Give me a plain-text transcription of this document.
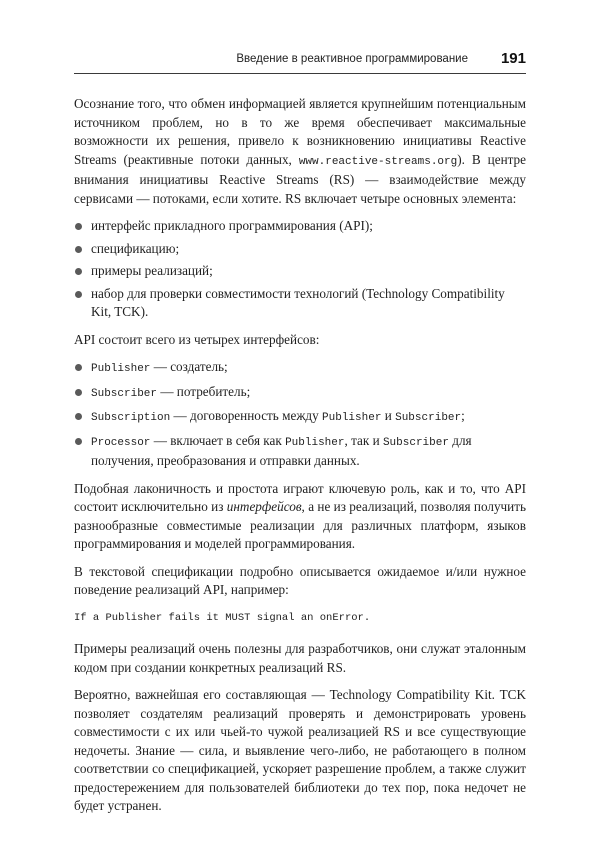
Введение в реактивное программирование 191

Осознание того, что обмен информацией является крупнейшим потенциальным источником проблем, но в то же время обеспечивает максимальные возможности их решения, привело к возникновению инициативы Reactive Streams (реактивные потоки данных, www.reactive-streams.org). В центре внимания инициативы Reactive Streams (RS) — взаимодействие между сервисами — потоками, если хотите. RS включает четыре основных элемента:

интерфейс прикладного программирования (API);
спецификацию;
примеры реализаций;
набор для проверки совместимости технологий (Technology Compatibility Kit, TCK).

API состоит всего из четырех интерфейсов:

Publisher — создатель;
Subscriber — потребитель;
Subscription — договоренность между Publisher и Subscriber;
Processor — включает в себя как Publisher, так и Subscriber для получения, преобразования и отправки данных.

Подобная лаконичность и простота играют ключевую роль, как и то, что API состоит исключительно из интерфейсов, а не из реализаций, позволяя получить разнообразные совместимые реализации для различных платформ, языков программирования и моделей программирования.

В текстовой спецификации подробно описывается ожидаемое и/или нужное поведение реализаций API, например:

If a Publisher fails it MUST signal an onError.

Примеры реализаций очень полезны для разработчиков, они служат эталонным кодом при создании конкретных реализаций RS.

Вероятно, важнейшая его составляющая — Technology Compatibility Kit. TCK позволяет создателям реализаций проверять и демонстрировать уровень совместимости с их или чьей-то чужой реализацией RS и все существующие недочеты. Знание — сила, и выявление чего-либо, не работающего в полном соответствии со спецификацией, ускоряет разрешение проблем, а также служит предостережением для пользователей библиотеки до тех пор, пока недочет не будет устранен.
